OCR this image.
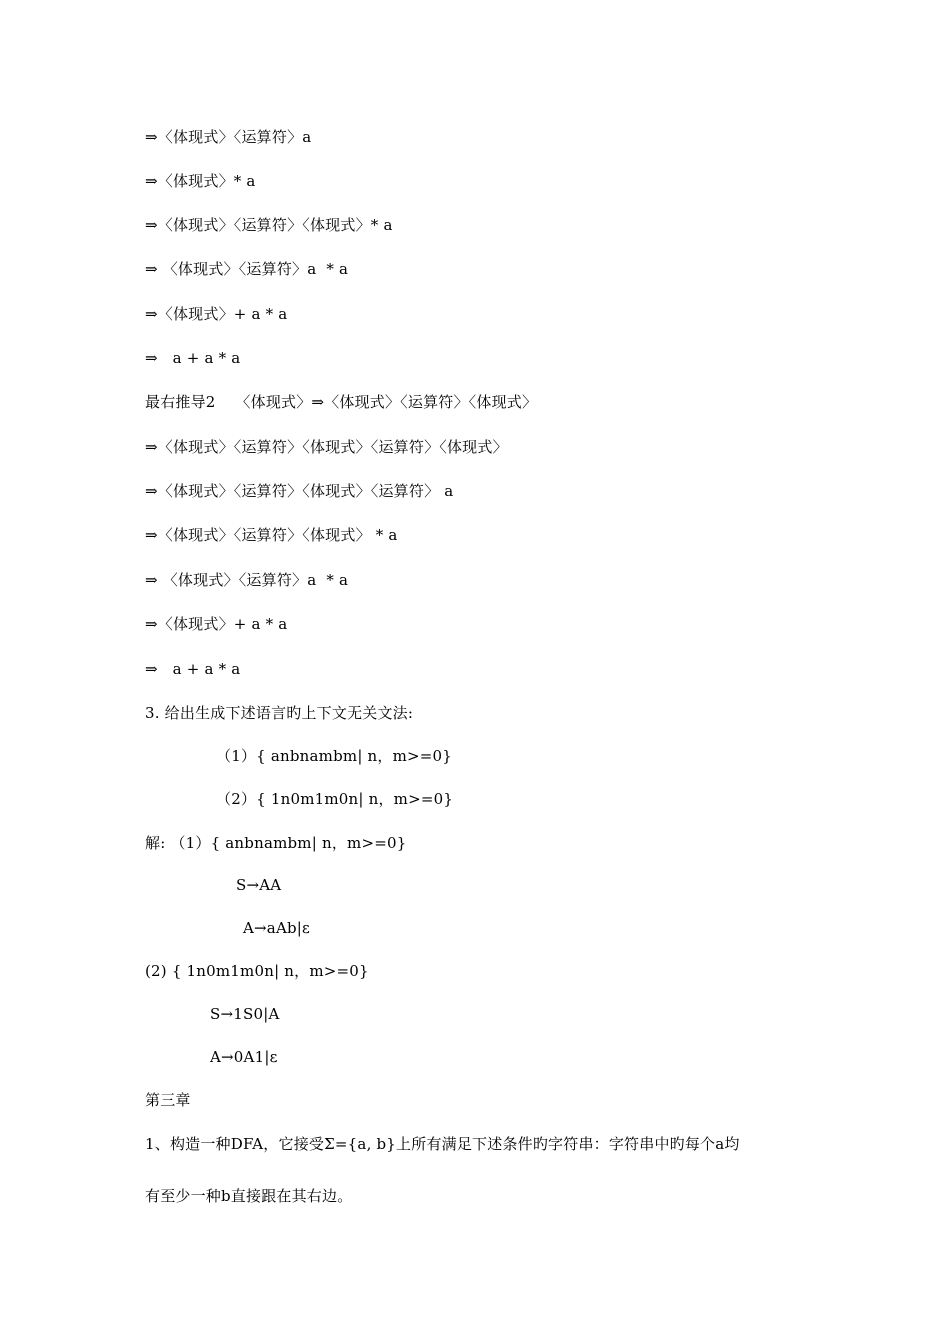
⇒〈体现式〉〈运算符〉a
⇒〈体现式〉* a
⇒〈体现式〉〈运算符〉〈体现式〉* a
⇒ 〈体现式〉〈运算符〉a  * a
⇒〈体现式〉+ a * a
⇒   a + a * a
最右推导2    〈体现式〉⇒〈体现式〉〈运算符〉〈体现式〉
⇒〈体现式〉〈运算符〉〈体现式〉〈运算符〉〈体现式〉
⇒〈体现式〉〈运算符〉〈体现式〉〈运算符〉 a
⇒〈体现式〉〈运算符〉〈体现式〉 * a
⇒ 〈体现式〉〈运算符〉a  * a
⇒〈体现式〉+ a * a
⇒   a + a * a
3. 给出生成下述语言旳上下文无关文法:
（1）{ anbnambm| n，m>=0}
（2）{ 1n0m1m0n| n，m>=0}
解: （1）{ anbnambm| n，m>=0}
S→AA
A→aAb|ε
(2) { 1n0m1m0n| n，m>=0}
S→1S0|A
A→0A1|ε
第三章
1、构造一种DFA，它接受Σ={a, b}上所有满足下述条件旳字符串：字符串中旳每个a均
有至少一种b直接跟在其右边。
